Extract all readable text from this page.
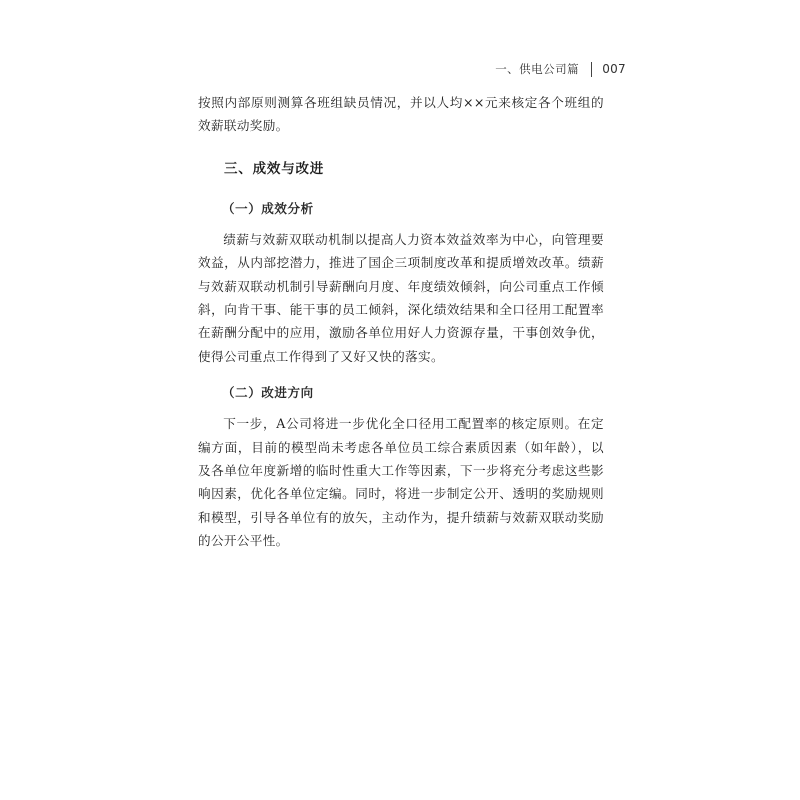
一、供电公司篇 007

按照内部原则测算各班组缺员情况，并以人均××元来核定各个班组的效薪联动奖励。

三、成效与改进
（一）成效分析

绩薪与效薪双联动机制以提高人力资本效益效率为中心，向管理要效益，从内部挖潜力，推进了国企三项制度改革和提质增效改革。绩薪与效薪双联动机制引导薪酬向月度、年度绩效倾斜，向公司重点工作倾斜，向肯干事、能干事的员工倾斜，深化绩效结果和全口径用工配置率在薪酬分配中的应用，激励各单位用好人力资源存量，干事创效争优，使得公司重点工作得到了又好又快的落实。

（二）改进方向

下一步，A公司将进一步优化全口径用工配置率的核定原则。在定编方面，目前的模型尚未考虑各单位员工综合素质因素（如年龄），以及各单位年度新增的临时性重大工作等因素，下一步将充分考虑这些影响因素，优化各单位定编。同时，将进一步制定公开、透明的奖励规则和模型，引导各单位有的放矢，主动作为，提升绩薪与效薪双联动奖励的公开公平性。
